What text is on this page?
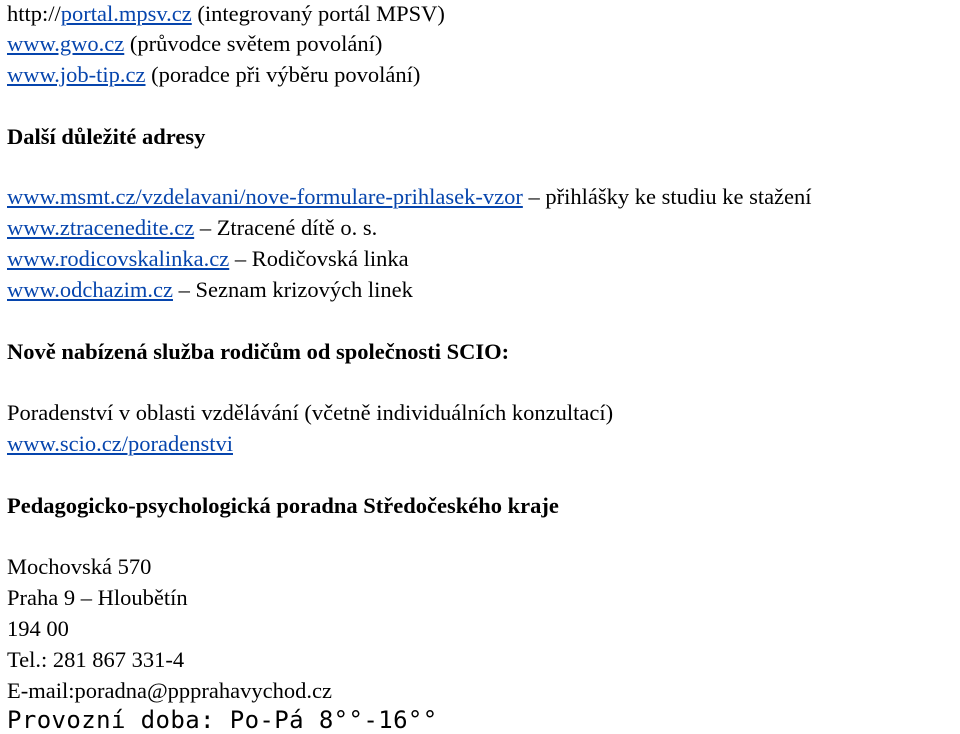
http://portal.mpsv.cz (integrovaný portál MPSV)
www.gwo.cz (průvodce světem povolání)
www.job-tip.cz (poradce při výběru povolání)
Další důležité adresy
www.msmt.cz/vzdelavani/nove-formulare-prihlasek-vzor – přihlášky ke studiu ke stažení
www.ztracenedite.cz – Ztracené dítě o. s.
www.rodicovskalinka.cz – Rodičovská linka
www.odchazim.cz – Seznam krizových linek
Nově nabízená služba rodičům od společnosti SCIO:
Poradenství v oblasti vzdělávání (včetně individuálních konzultací)
www.scio.cz/poradenstvi
Pedagogicko-psychologická poradna Středočeského kraje
Mochovská 570
Praha 9 – Hloubětín
194 00
Tel.: 281 867 331-4
E-mail:poradna@ppprahavychod.cz
Provozní doba: Po-Pá 8°°-16°°
